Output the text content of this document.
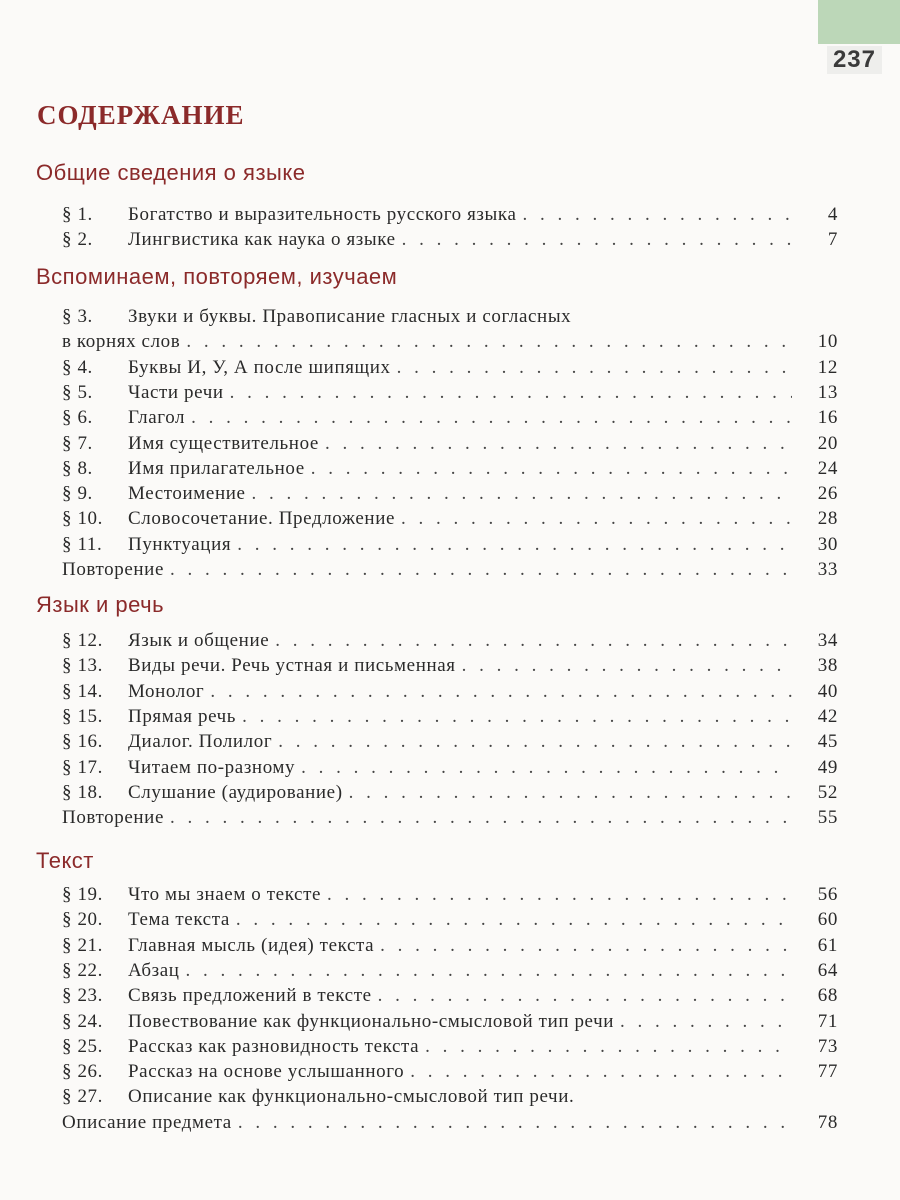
237
СОДЕРЖАНИЕ
Общие сведения о языке
§ 1.	Богатство и выразительность русского языка . . .	4
§ 2.	Лингвистика как наука о языке . . .	7
Вспоминаем, повторяем, изучаем
§ 3.	Звуки и буквы. Правописание гласных и согласных
в корнях слов . . .	10
§ 4.	Буквы И, У, А после шипящих . . .	12
§ 5.	Части речи . . .	13
§ 6.	Глагол . . .	16
§ 7.	Имя существительное . . .	20
§ 8.	Имя прилагательное . . .	24
§ 9.	Местоимение . . .	26
§ 10.	Словосочетание. Предложение . . .	28
§ 11.	Пунктуация . . .	30
Повторение . . .	33
Язык и речь
§ 12.	Язык и общение . . .	34
§ 13.	Виды речи. Речь устная и письменная . . .	38
§ 14.	Монолог . . .	40
§ 15.	Прямая речь . . .	42
§ 16.	Диалог. Полилог . . .	45
§ 17.	Читаем по-разному . . .	49
§ 18.	Слушание (аудирование) . . .	52
Повторение . . .	55
Текст
§ 19.	Что мы знаем о тексте . . .	56
§ 20.	Тема текста . . .	60
§ 21.	Главная мысль (идея) текста . . .	61
§ 22.	Абзац . . .	64
§ 23.	Связь предложений в тексте . . .	68
§ 24.	Повествование как функционально-смысловой тип речи . . .	71
§ 25.	Рассказ как разновидность текста . . .	73
§ 26.	Рассказ на основе услышанного . . .	77
§ 27.	Описание как функционально-смысловой тип речи.
Описание предмета . . .	78
